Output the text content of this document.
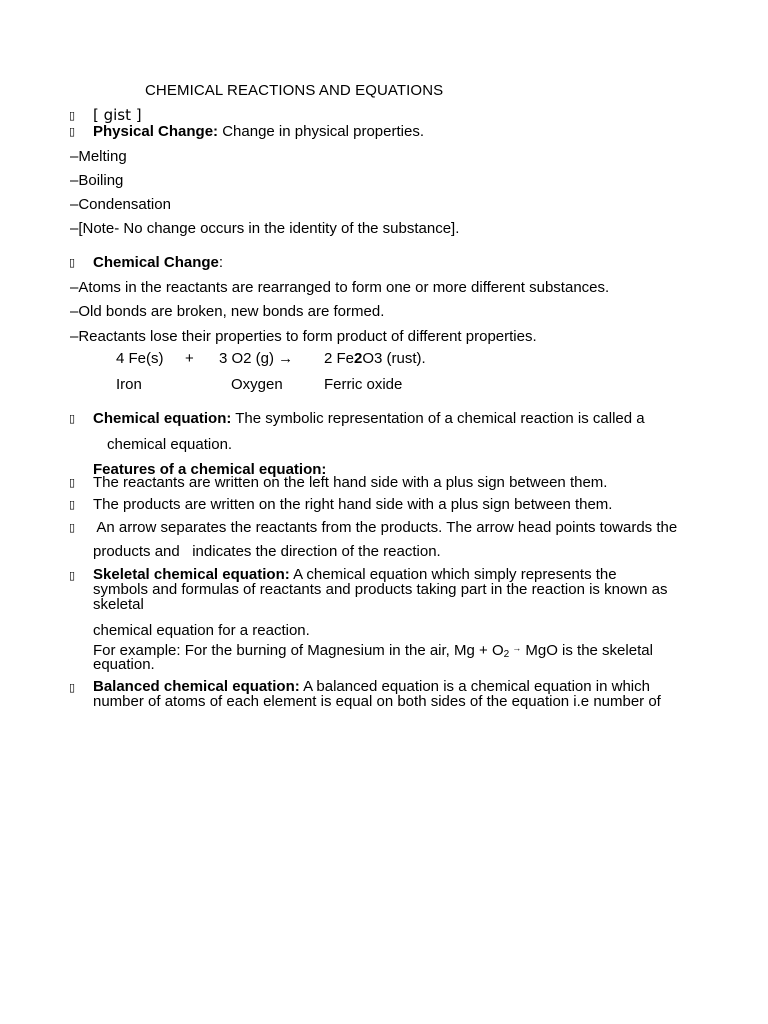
CHEMICAL REACTIONS AND EQUATIONS
▯
[ gist ]
▯
Physical Change: Change in physical properties.
–Melting
–Boiling
–Condensation
–[Note- No change occurs in the identity of the substance].
▯
Chemical Change:
–Atoms in the reactants are rearranged to form one or more different substances.
–Old bonds are broken, new bonds are formed.
–Reactants lose their properties to form product of different properties.
4 Fe(s) + 3 O2 (g) → 2 Fe2O3 (rust).
Iron	Oxygen	Ferric oxide
▯
Chemical equation: The symbolic representation of a chemical reaction is called a
chemical equation.
Features of a chemical equation:
▯
The reactants are written on the left hand side with a plus sign between them.
▯
The products are written on the right hand side with a plus sign between them.
▯
An arrow separates the reactants from the products. The arrow head points towards the
products and   indicates the direction of the reaction.
▯
Skeletal chemical equation: A chemical equation which simply represents the
symbols and formulas of reactants and products taking part in the reaction is known as
skeletal
chemical equation for a reaction.
For example: For the burning of Magnesium in the air, $Mg + O_2^\to$ MgO is the skeletal
equation.
▯
Balanced chemical equation: A balanced equation is a chemical equation in which
number of atoms of each element is equal on both sides of the equation i.e number of
